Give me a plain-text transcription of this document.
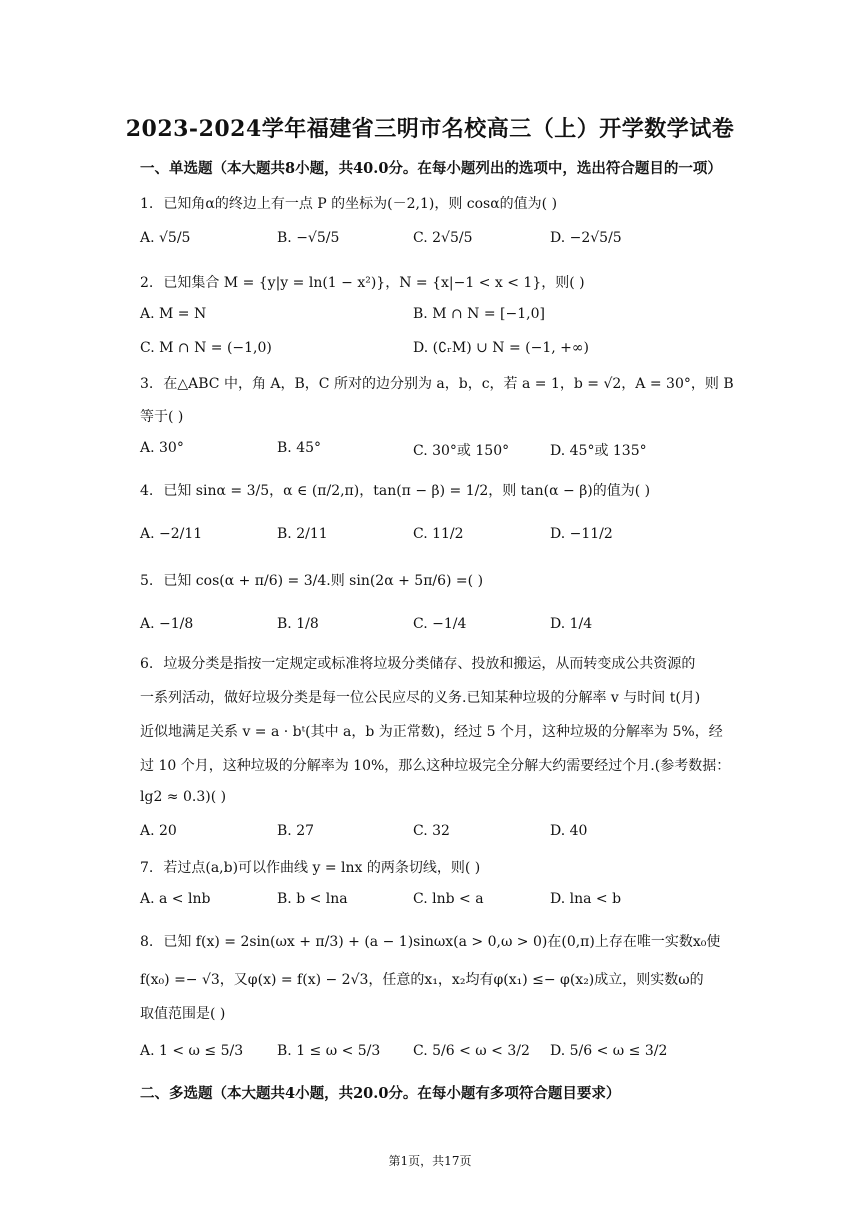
2023-2024学年福建省三明市名校高三（上）开学数学试卷
一、单选题（本大题共8小题，共40.0分。在每小题列出的选项中，选出符合题目的一项）
1. 已知角α的终边上有一点 P 的坐标为(－2,1)，则 cosα的值为( )
A. √5/5	B. −√5/5	C. 2√5/5	D. −2√5/5
2. 已知集合 M = {y|y = ln(1 − x²)}，N = {x|−1 < x < 1}，则( )
A. M = N	B. M ∩ N = [−1,0]
C. M ∩ N = (−1,0)	D. (∁ᵣM) ∪ N = (−1, +∞)
3. 在△ABC 中，角 A，B，C 所对的边分别为 a，b，c，若 a = 1，b = √2，A = 30°，则 B
等于( )
A. 30°	B. 45°	C. 30°或 150°	D. 45°或 135°
4. 已知 sinα = 3/5，α ∈ (π/2,π)，tan(π − β) = 1/2，则 tan(α − β)的值为( )
A. −2/11	B. 2/11	C. 11/2	D. −11/2
5. 已知 cos(α + π/6) = 3/4.则 sin(2α + 5π/6) =( )
A. −1/8	B. 1/8	C. −1/4	D. 1/4
6. 垃圾分类是指按一定规定或标准将垃圾分类储存、投放和搬运，从而转变成公共资源的
一系列活动，做好垃圾分类是每一位公民应尽的义务.已知某种垃圾的分解率 v 与时间 t(月)
近似地满足关系 v = a · bᵗ(其中 a，b 为正常数)，经过 5 个月，这种垃圾的分解率为 5%，经
过 10 个月，这种垃圾的分解率为 10%，那么这种垃圾完全分解大约需要经过个月.(参考数据：
lg2 ≈ 0.3)( )
A. 20	B. 27	C. 32	D. 40
7. 若过点(a,b)可以作曲线 y = lnx 的两条切线，则( )
A. a < lnb	B. b < lna	C. lnb < a	D. lna < b
8. 已知 f(x) = 2sin(ωx + π/3) + (a − 1)sinωx(a > 0,ω > 0)在(0,π)上存在唯一实数x₀使
f(x₀) =− √3，又φ(x) = f(x) − 2√3，任意的x₁，x₂均有φ(x₁) ≤− φ(x₂)成立，则实数ω的
取值范围是( )
A. 1 < ω ≤ 5/3 B. 1 ≤ ω < 5/3 C. 5/6 < ω < 3/2 D. 5/6 < ω ≤ 3/2
二、多选题（本大题共4小题，共20.0分。在每小题有多项符合题目要求）
第1页，共17页
